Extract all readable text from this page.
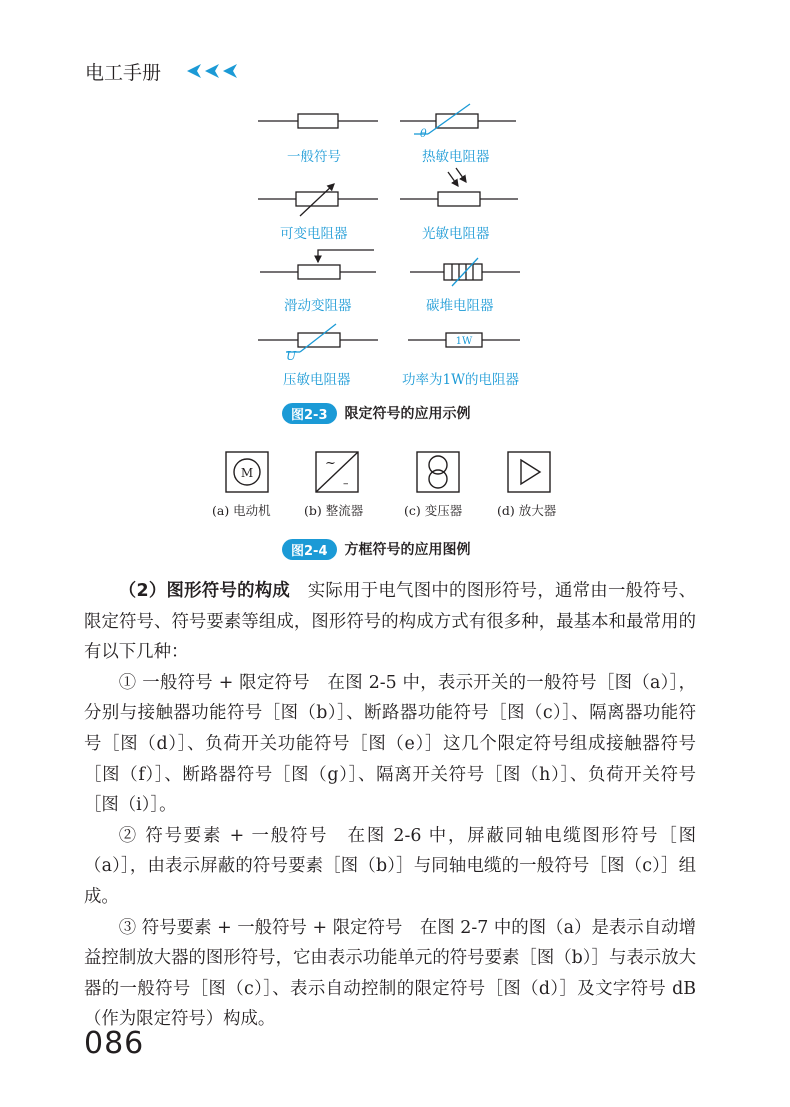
电工手册
θ
U
1W
一般符号	热敏电阻器
可变电阻器	光敏电阻器
滑动变阻器	碳堆电阻器
压敏电阻器	功率为1W的电阻器
图2-3	限定符号的应用示例
M
~
–
(a) 电动机	(b) 整流器	(c) 变压器	(d) 放大器
图2-4	方框符号的应用图例

（2）图形符号的构成　实际用于电气图中的图形符号，通常由一般符号、限定符号、符号要素等组成，图形符号的构成方式有很多种，最基本和最常用的有以下几种：

① 一般符号 + 限定符号　在图 2-5 中，表示开关的一般符号［图（a）］，分别与接触器功能符号［图（b）］、断路器功能符号［图（c）］、隔离器功能符号［图（d）］、负荷开关功能符号［图（e）］这几个限定符号组成接触器符号［图（f）］、断路器符号［图（g）］、隔离开关符号［图（h）］、负荷开关符号［图（i）］。

② 符号要素 + 一般符号　在图 2-6 中，屏蔽同轴电缆图形符号［图（a）］，由表示屏蔽的符号要素［图（b）］与同轴电缆的一般符号［图（c）］组成。

③ 符号要素 + 一般符号 + 限定符号　在图 2-7 中的图（a）是表示自动增益控制放大器的图形符号，它由表示功能单元的符号要素［图（b）］与表示放大器的一般符号［图（c）］、表示自动控制的限定符号［图（d）］及文字符号 dB（作为限定符号）构成。

086
